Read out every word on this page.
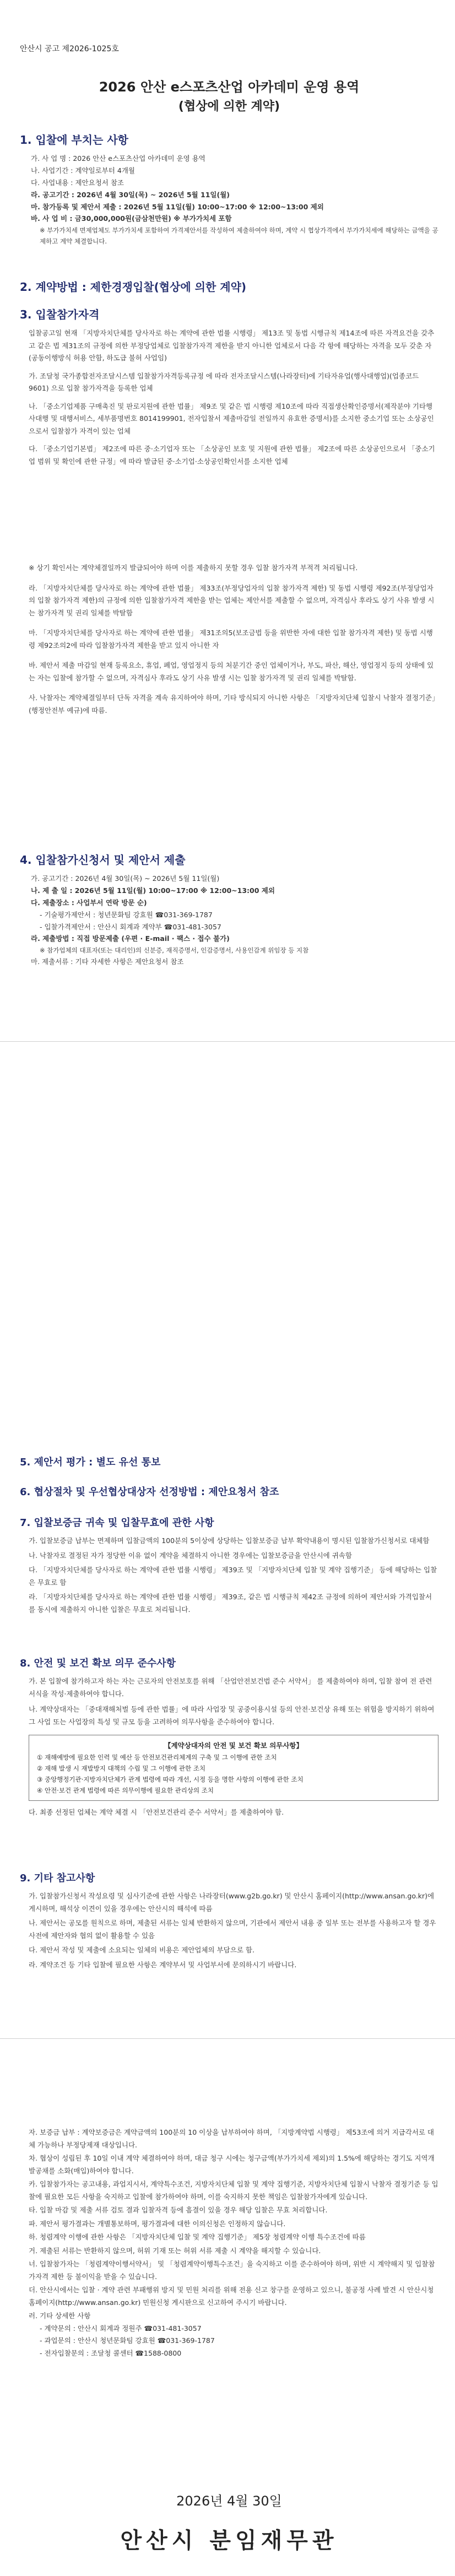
안산시 공고 제2026-1025호

2026 안산 e스포츠산업 아카데미 운영 용역

(협상에 의한 계약)

1. 입찰에 부치는 사항

가. 사 업 명 : 2026 안산 e스포츠산업 아카데미 운영 용역

나. 사업기간 : 계약일로부터 4개월

다. 사업내용 : 제안요청서 참조

라. 공고기간 : 2026년 4월 30일(목) ~ 2026년 5월 11일(월)

마. 참가등록 및 제안서 제출 : 2026년 5월 11일(월) 10:00~17:00 ※ 12:00~13:00 제외

바. 사 업 비 : 금30,000,000원(금삼천만원) ※ 부가가치세 포함

※ 부가가치세 면제업체도 부가가치세 포함하여 가격제안서를 작성하여 제출하여야 하며, 계약 시 협상가격에서 부가가치세에 해당하는 금액을 공제하고 계약 체결합니다.

2. 계약방법 : 제한경쟁입찰(협상에 의한 계약)

3. 입찰참가자격

입찰공고일 현재 「지방자치단체를 당사자로 하는 계약에 관한 법률 시행령」 제13조 및 동법 시행규칙 제14조에 따른 자격요건을 갖추고 같은 법 제31조의 규정에 의한 부정당업체로 입찰참가자격 제한을 받지 아니한 업체로서 다음 각 항에 해당하는 자격을 모두 갖춘 자 (공동이행방식 허용 안함, 하도급 불허 사업임)

가. 조달청 국가종합전자조달시스템 입찰참가자격등록규정 에 따라 전자조달시스템(나라장터)에 기타자유업(행사대행업)(업종코드 9601) 으로 입찰 참가자격을 등록한 업체

나. 「중소기업제품 구매촉진 및 판로지원에 관한 법률」 제9조 및 같은 법 시행령 제10조에 따라 직접생산확인증명서(제작분야 기타행사대행 및 대행서비스, 세부품명번호 8014199901, 전자입찰서 제출마감일 전일까지 유효한 증명서)를 소지한 중소기업 또는 소상공인으로서 입찰참가 자격이 있는 업체

다. 「중소기업기본법」 제2조에 따른 중·소기업자 또는 「소상공인 보호 및 지원에 관한 법률」 제2조에 따른 소상공인으로서 「중소기업 범위 및 확인에 관한 규정」에 따라 발급된 중·소기업·소상공인확인서를 소지한 업체

※ 상기 확인서는 계약체결일까지 발급되어야 하며 이를 제출하지 못할 경우 입찰 참가자격 부적격 처리됩니다.

라. 「지방자치단체를 당사자로 하는 계약에 관한 법률」 제33조(부정당업자의 입찰 참가자격 제한) 및 동법 시행령 제92조(부정당업자의 입찰 참가자격 제한)의 규정에 의한 입찰참가자격 제한을 받는 업체는 제안서를 제출할 수 없으며, 자격심사 후라도 상기 사유 발생 시는 참가자격 및 권리 일체를 박탈함

마. 「지방자치단체를 당사자로 하는 계약에 관한 법률」 제31조의5(보조금법 등을 위반한 자에 대한 입찰 참가자격 제한) 및 동법 시행령 제92조의2에 따라 입찰참가자격 제한을 받고 있지 아니한 자

바. 제안서 제출 마감일 현재 등록요소, 휴업, 폐업, 영업정지 등의 처분기간 중인 업체이거나, 부도, 파산, 해산, 영업정지 등의 상태에 있는 자는 입찰에 참가할 수 없으며, 자격심사 후라도 상기 사유 발생 시는 입찰 참가자격 및 권리 일체를 박탈함.

사. 낙찰자는 계약체결일부터 단독 자격을 계속 유지하여야 하며, 기타 방식되지 아니한 사항은 「지방자치단체 입찰시 낙찰자 결정기준」(행정안전부 예규)에 따름.

4. 입찰참가신청서 및 제안서 제출

가. 공고기간 : 2026년 4월 30일(목) ~ 2026년 5월 11일(월)

나. 제 출 일 : 2026년 5월 11일(월) 10:00~17:00 ※ 12:00~13:00 제외

다. 제출장소 : 사업부서 연락 방문 순)

- 기술평가제안서 : 청년문화팀 강효원 ☎031-369-1787

- 입찰가격제안서 : 안산시 회계과 계약부 ☎031-481-3057

라. 제출방법 : 직접 방문제출 (우편 · E-mail · 팩스 · 접수 불가)

※ 참가업체의 대표자(또는 대리인)의 신분증, 재직증명서, 인감증명서, 사용인감계 위임장 등 지참

마. 제출서류 : 기타 자세한 사항은 제안요청서 참조

5. 제안서 평가 : 별도 유선 통보

6. 협상절차 및 우선협상대상자 선정방법 : 제안요청서 참조

7. 입찰보증금 귀속 및 입찰무효에 관한 사항

가. 입찰보증금 납부는 면제하며 입찰금액의 100분의 5이상에 상당하는 입찰보증금 납부 확약내용이 명시된 입찰참가신청서로 대체함

나. 낙찰자로 결정된 자가 정당한 이유 없이 계약을 체결하지 아니한 경우에는 입찰보증금을 안산시에 귀속함

다. 「지방자치단체를 당사자로 하는 계약에 관한 법률 시행령」 제39조 및 「지방자치단체 입찰 및 계약 집행기준」 등에 해당하는 입찰은 무효로 함

라. 「지방자치단체를 당사자로 하는 계약에 관한 법률 시행령」 제39조, 같은 법 시행규칙 제42조 규정에 의하여 제안서와 가격입찰서를 동시에 제출하지 아니한 입찰은 무효로 처리됩니다.

8. 안전 및 보건 확보 의무 준수사항

가. 본 입찰에 참가하고자 하는 자는 근로자의 안전보호를 위해 「산업안전보건법 준수 서약서」 를 제출하여야 하며, 입찰 참여 전 관련 서식을 작성·제출하여야 합니다.

나. 계약상대자는 「중대재해처벌 등에 관한 법률」에 따라 사업장 및 공중이용시설 등의 안전·보건상 유해 또는 위험을 방지하기 위하여 그 사업 또는 사업장의 특성 및 규모 등을 고려하여 의무사항을 준수하여야 합니다.

【계약상대자의 안전 및 보건 확보 의무사항】

① 재해예방에 필요한 인력 및 예산 등 안전보건관리체계의 구축 및 그 이행에 관한 조치

② 재해 발생 시 재발방지 대책의 수립 및 그 이행에 관한 조치

③ 중앙행정기관·지방자치단체가 관계 법령에 따라 개선, 시정 등을 명한 사항의 이행에 관한 조치

④ 안전·보건 관계 법령에 따른 의무이행에 필요한 관리상의 조치

다. 최종 선정된 업체는 계약 체결 시 「안전보건관리 준수 서약서」를 제출하여야 함.

9. 기타 참고사항

가. 입찰참가신청서 작성요령 및 심사기준에 관한 사항은 나라장터(www.g2b.go.kr) 및 안산시 홈페이지(http://www.ansan.go.kr)에 게시하며, 해석상 이견이 있을 경우에는 안산시의 해석에 따름

나. 제안서는 공모를 원칙으로 하며, 제출된 서류는 일체 반환하지 않으며, 기관에서 제안서 내용 중 일부 또는 전부를 사용하고자 할 경우 사전에 제안자와 협의 없이 활용할 수 있음

다. 제안서 작성 및 제출에 소요되는 일체의 비용은 제안업체의 부담으로 함.

라. 계약조건 등 기타 입찰에 필요한 사항은 계약부서 및 사업부서에 문의하시기 바랍니다.

자. 보증금 납부 : 계약보증금은 계약금액의 100분의 10 이상을 납부하여야 하며, 「지방계약법 시행령」 제53조에 의거 지급각서로 대체 가능하나 부정당제재 대상입니다.

차. 협상이 성립된 후 10일 이내 계약 체결하여야 하며, 대금 청구 시에는 청구금액(부가가치세 제외)의 1.5%에 해당하는 경기도 지역개발공채를 소화(매입)하여야 합니다.

카. 입찰참가자는 공고내용, 과업지시서, 계약특수조건, 지방자치단체 입찰 및 계약 집행기준, 지방자치단체 입찰시 낙찰자 결정기준 등 입찰에 필요한 모든 사항을 숙지하고 입찰에 참가하여야 하며, 이를 숙지하지 못한 책임은 입찰참가자에게 있습니다.

타. 입찰 마감 및 제출 서류 검토 결과 입찰자격 등에 흠결이 있을 경우 해당 입찰은 무효 처리합니다.

파. 제안서 평가결과는 개별통보하며, 평가결과에 대한 이의신청은 인정하지 않습니다.

하. 청렴계약 이행에 관한 사항은 「지방자치단체 입찰 및 계약 집행기준」 제5장 청렴계약 이행 특수조건에 따름

거. 제출된 서류는 반환하지 않으며, 허위 기재 또는 허위 서류 제출 시 계약을 해지할 수 있습니다.

너. 입찰참가자는 「청렴계약이행서약서」 및 「청렴계약이행특수조건」을 숙지하고 이를 준수하여야 하며, 위반 시 계약해지 및 입찰참가자격 제한 등 불이익을 받을 수 있습니다.

더. 안산시에서는 입찰 · 계약 관련 부패행위 방지 및 민원 처리를 위해 전용 신고 창구를 운영하고 있으니, 불공정 사례 발견 시 안산시청 홈페이지(http://www.ansan.go.kr) 민원신청 게시판으로 신고하여 주시기 바랍니다.

러. 기타 상세한 사항

- 계약문의 : 안산시 회계과 정원주 ☎031-481-3057

- 과업문의 : 안산시 청년문화팀 강효원 ☎031-369-1787

- 전자입찰문의 : 조달청 콜센터 ☎1588-0800

2026년 4월 30일

안산시 분임재무관
